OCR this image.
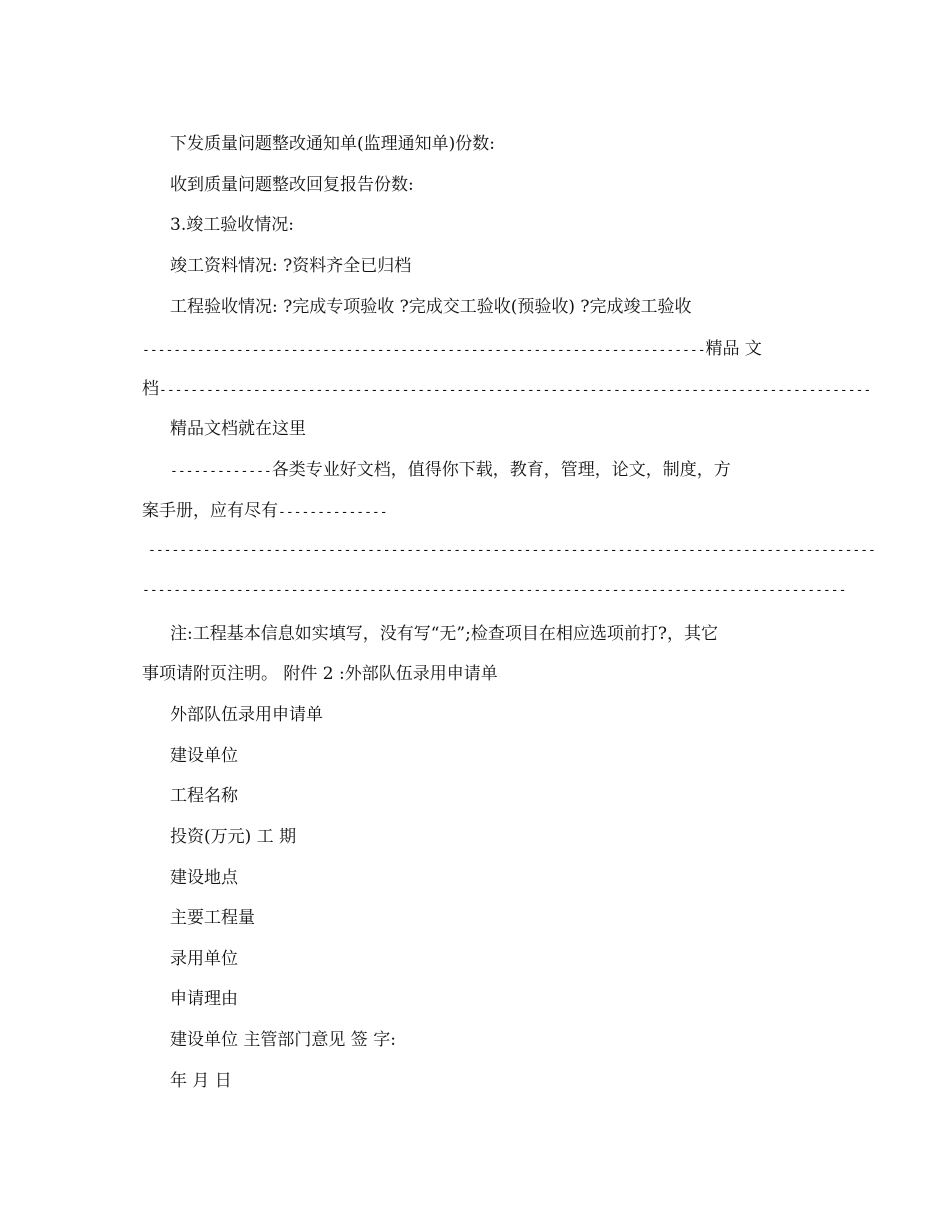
下发质量问题整改通知单(监理通知单)份数:
收到质量问题整改回复报告份数:
3.竣工验收情况:
竣工资料情况: ?资料齐全已归档
工程验收情况: ?完成专项验收 ?完成交工验收(预验收) ?完成竣工验收
------------------------------------------------------------------------精品 文
档-------------------------------------------------------------------------------------------
精品文档就在这里
-------------各类专业好文档，值得你下载，教育，管理，论文，制度，方
案手册，应有尽有--------------
---------------------------------------------------------------------------------------------
------------------------------------------------------------------------------------------
注:工程基本信息如实填写，没有写“无”;检查项目在相应选项前打?，其它
事项请附页注明。 附件 2 :外部队伍录用申请单
外部队伍录用申请单
建设单位
工程名称
投资(万元) 工 期
建设地点
主要工程量
录用单位
申请理由
建设单位 主管部门意见 签 字:
年 月 日
